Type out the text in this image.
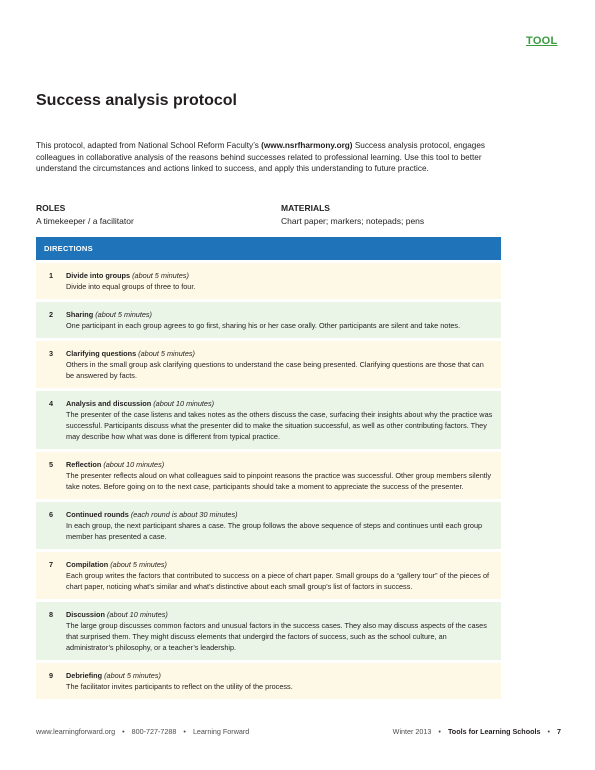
TOOL
Success analysis protocol
This protocol, adapted from National School Reform Faculty’s (www.nsrfharmony.org) Success analysis protocol, engages colleagues in collaborative analysis of the reasons behind successes related to professional learning. Use this tool to better understand the circumstances and actions linked to success, and apply this understanding to future practice.
ROLES
A timekeeper / a facilitator
MATERIALS
Chart paper; markers; notepads; pens
DIRECTIONS
1	Divide into groups (about 5 minutes)
Divide into equal groups of three to four.
2	Sharing (about 5 minutes)
One participant in each group agrees to go first, sharing his or her case orally. Other participants are silent and take notes.
3	Clarifying questions (about 5 minutes)
Others in the small group ask clarifying questions to understand the case being presented. Clarifying questions are those that can be answered by facts.
4	Analysis and discussion (about 10 minutes)
The presenter of the case listens and takes notes as the others discuss the case, surfacing their insights about why the practice was successful. Participants discuss what the presenter did to make the situation successful, as well as other contributing factors. They may describe how what was done is different from typical practice.
5	Reflection (about 10 minutes)
The presenter reflects aloud on what colleagues said to pinpoint reasons the practice was successful. Other group members silently take notes. Before going on to the next case, participants should take a moment to appreciate the success of the presenter.
6	Continued rounds (each round is about 30 minutes)
In each group, the next participant shares a case. The group follows the above sequence of steps and continues until each group member has presented a case.
7	Compilation (about 5 minutes)
Each group writes the factors that contributed to success on a piece of chart paper. Small groups do a “gallery tour” of the pieces of chart paper, noticing what’s similar and what’s distinctive about each small group’s list of factors in success.
8	Discussion (about 10 minutes)
The large group discusses common factors and unusual factors in the success cases. They also may discuss aspects of the cases that surprised them. They might discuss elements that undergird the factors of success, such as the school culture, an administrator’s philosophy, or a teacher’s leadership.
9	Debriefing (about 5 minutes)
The facilitator invites participants to reflect on the utility of the process.
www.learningforward.org • 800-727-7288 • Learning Forward	Winter 2013 • Tools for Learning Schools • 7
